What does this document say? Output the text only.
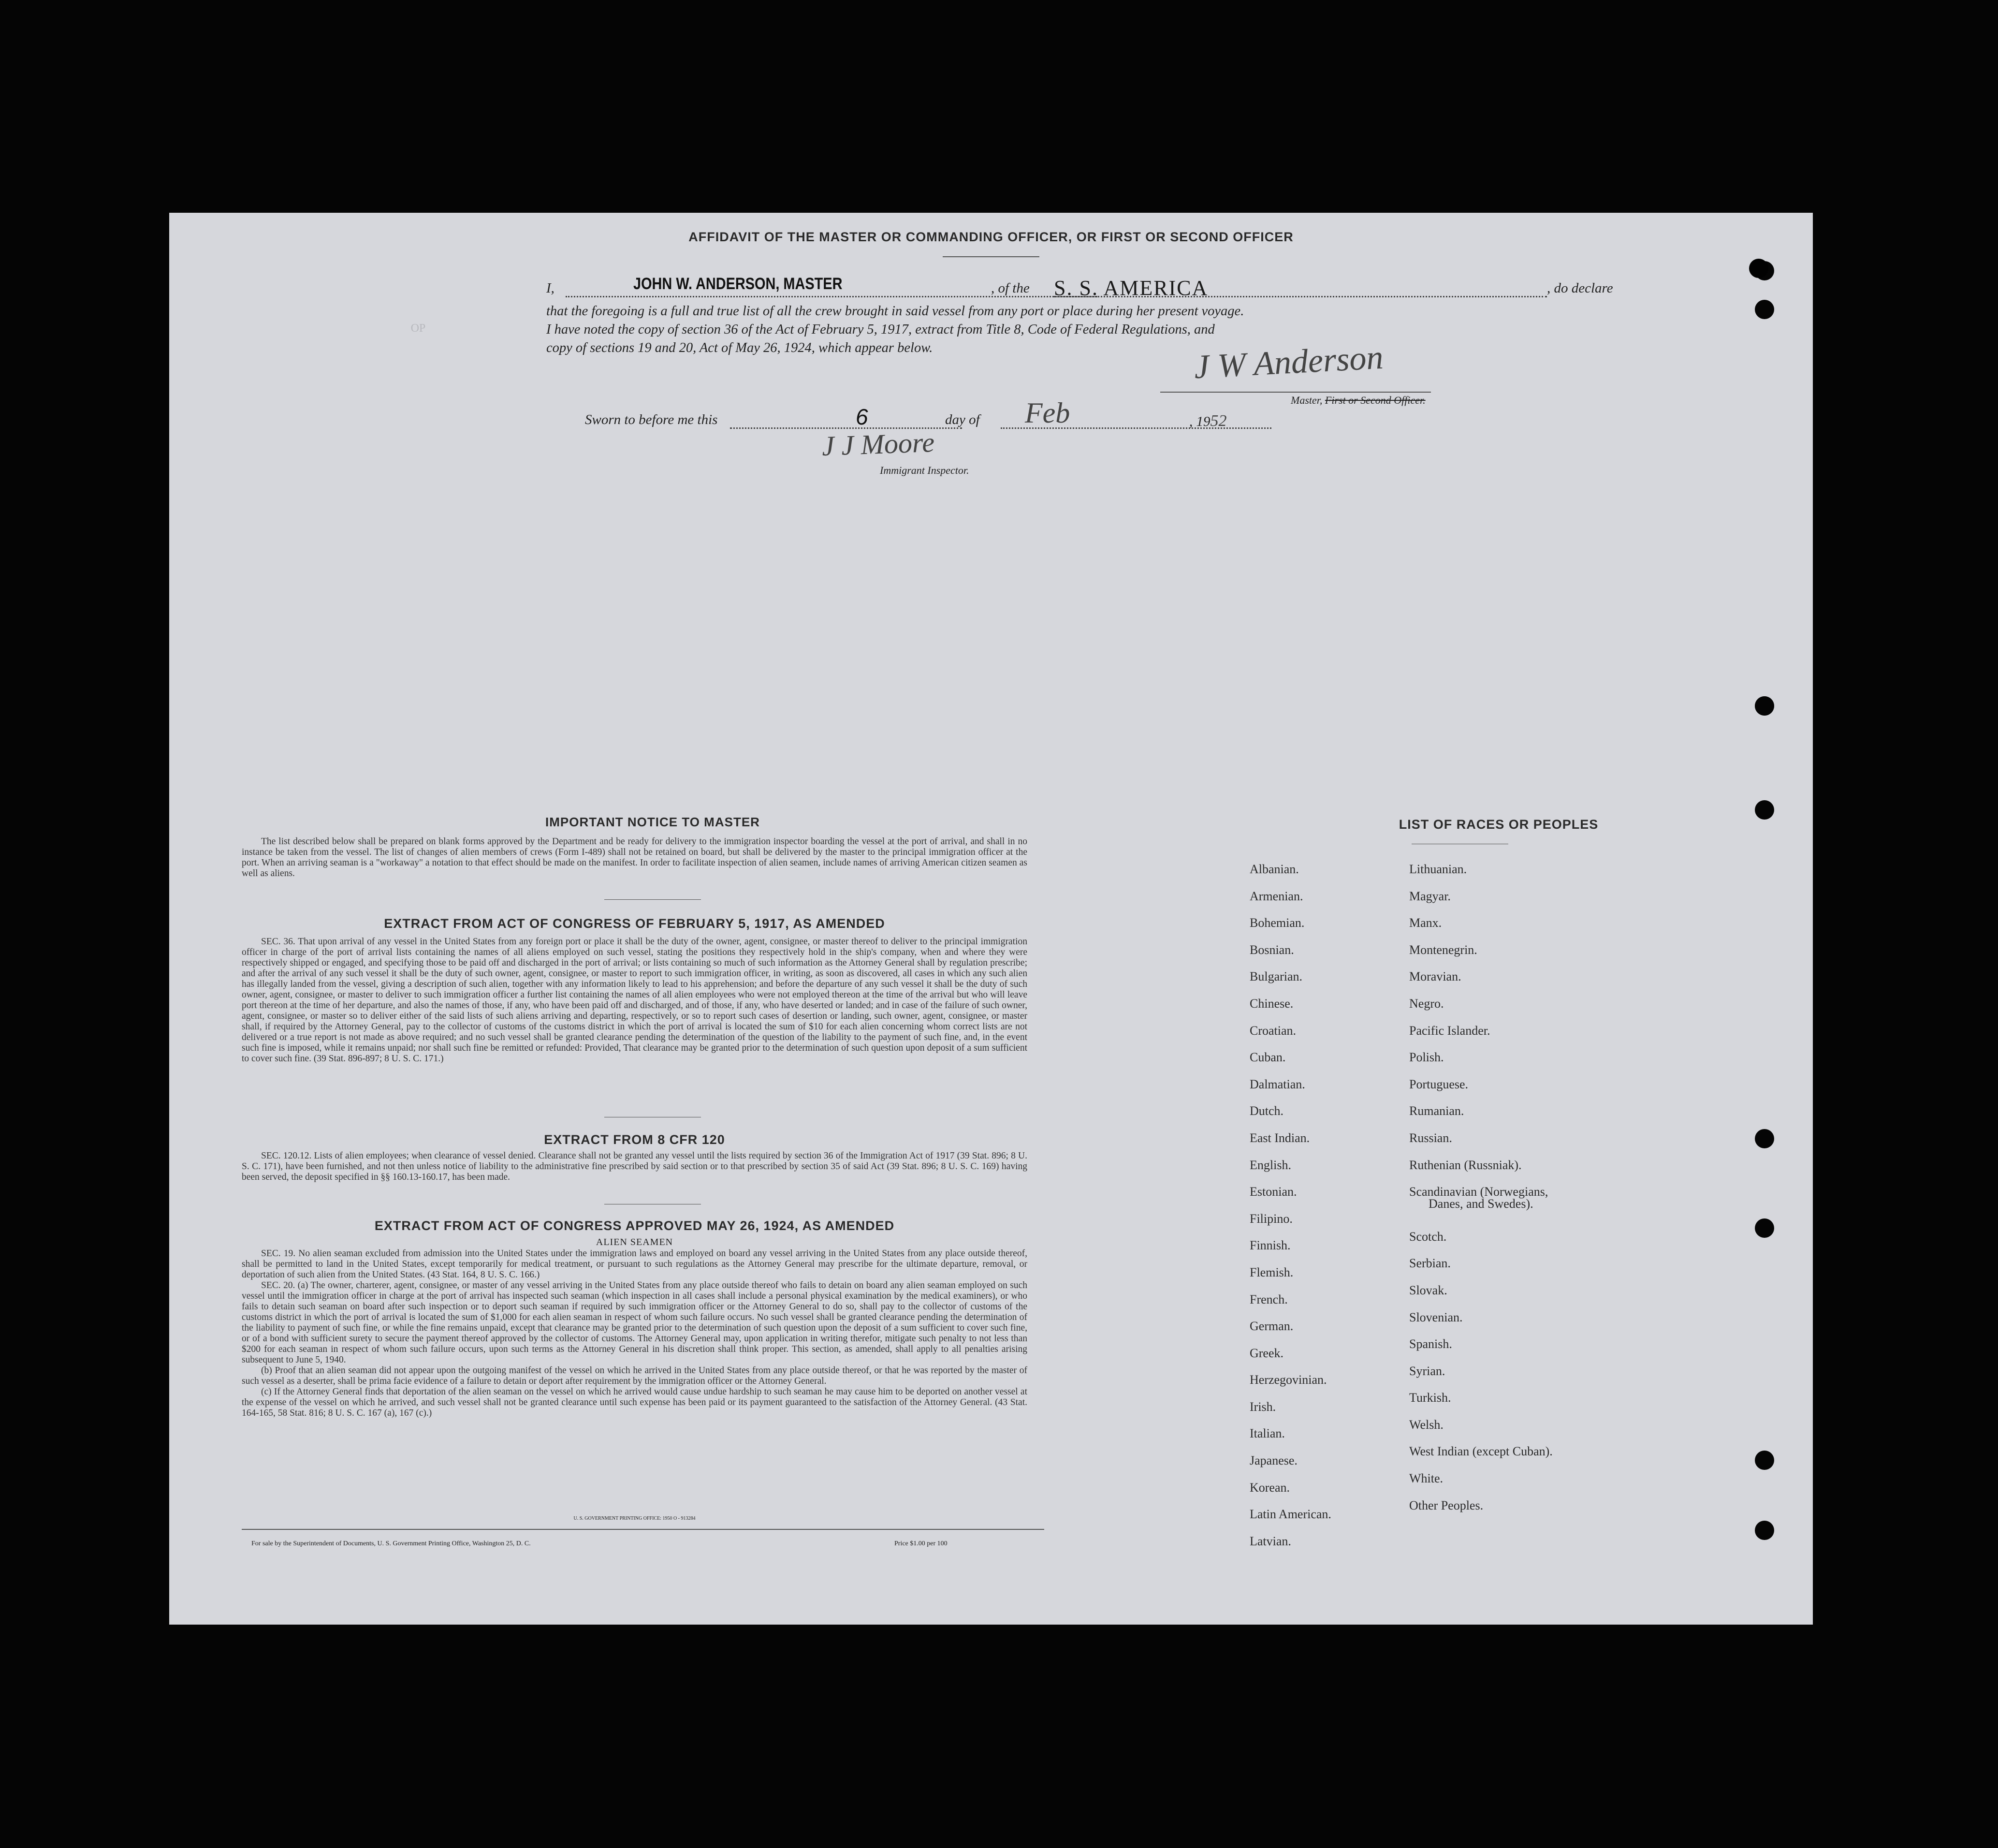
AFFIDAVIT OF THE MASTER OR COMMANDING OFFICER, OR FIRST OR SECOND OFFICER
I,	JOHN W. ANDERSON, MASTER	, of the S. S. AMERICA	, do declare
that the foregoing is a full and true list of all the crew brought in said vessel from any port or place during her present voyage.
I have noted the copy of section 36 of the Act of February 5, 1917, extract from Title 8, Code of Federal Regulations, and
copy of sections 19 and 20, Act of May 26, 1924, which appear below.	J W Anderson
Master, First or Second Officer.
Sworn to before me this	6	day of Feb	, 1952
J J Moore
Immigrant Inspector.
ᴼᴾ
IMPORTANT NOTICE TO MASTER
The list described below shall be prepared on blank forms approved by the Department and be ready for delivery to the immigration inspector boarding the vessel at the port of arrival, and shall in no instance be taken from the vessel. The list of changes of alien members of crews (Form I-489) shall not be retained on board, but shall be delivered by the master to the principal immigration officer at the port. When an arriving seaman is a "workaway" a notation to that effect should be made on the manifest. In order to facilitate inspection of alien seamen, include names of arriving American citizen seamen as well as aliens.
EXTRACT FROM ACT OF CONGRESS OF FEBRUARY 5, 1917, AS AMENDED
SEC. 36. That upon arrival of any vessel in the United States from any foreign port or place it shall be the duty of the owner, agent, consignee, or master thereof to deliver to the principal immigration officer in charge of the port of arrival lists containing the names of all aliens employed on such vessel, stating the positions they respectively hold in the ship's company, when and where they were respectively shipped or engaged, and specifying those to be paid off and discharged in the port of arrival; or lists containing so much of such information as the Attorney General shall by regulation prescribe; and after the arrival of any such vessel it shall be the duty of such owner, agent, consignee, or master to report to such immigration officer, in writing, as soon as discovered, all cases in which any such alien has illegally landed from the vessel, giving a description of such alien, together with any information likely to lead to his apprehension; and before the departure of any such vessel it shall be the duty of such owner, agent, consignee, or master to deliver to such immigration officer a further list containing the names of all alien employees who were not employed thereon at the time of the arrival but who will leave port thereon at the time of her departure, and also the names of those, if any, who have been paid off and discharged, and of those, if any, who have deserted or landed; and in case of the failure of such owner, agent, consignee, or master so to deliver either of the said lists of such aliens arriving and departing, respectively, or so to report such cases of desertion or landing, such owner, agent, consignee, or master shall, if required by the Attorney General, pay to the collector of customs of the customs district in which the port of arrival is located the sum of $10 for each alien concerning whom correct lists are not delivered or a true report is not made as above required; and no such vessel shall be granted clearance pending the determination of the question of the liability to the payment of such fine, and, in the event such fine is imposed, while it remains unpaid; nor shall such fine be remitted or refunded: Provided, That clearance may be granted prior to the determination of such question upon deposit of a sum sufficient to cover such fine. (39 Stat. 896-897; 8 U. S. C. 171.)
EXTRACT FROM 8 CFR 120
SEC. 120.12. Lists of alien employees; when clearance of vessel denied. Clearance shall not be granted any vessel until the lists required by section 36 of the Immigration Act of 1917 (39 Stat. 896; 8 U. S. C. 171), have been furnished, and not then unless notice of liability to the administrative fine prescribed by said section or to that prescribed by section 35 of said Act (39 Stat. 896; 8 U. S. C. 169) having been served, the deposit specified in §§ 160.13-160.17, has been made.
EXTRACT FROM ACT OF CONGRESS APPROVED MAY 26, 1924, AS AMENDED
ALIEN SEAMEN
SEC. 19. No alien seaman excluded from admission into the United States under the immigration laws and employed on board any vessel arriving in the United States from any place outside thereof, shall be permitted to land in the United States, except temporarily for medical treatment, or pursuant to such regulations as the Attorney General may prescribe for the ultimate departure, removal, or deportation of such alien from the United States. (43 Stat. 164, 8 U. S. C. 166.)
SEC. 20. (a) The owner, charterer, agent, consignee, or master of any vessel arriving in the United States from any place outside thereof who fails to detain on board any alien seaman employed on such vessel until the immigration officer in charge at the port of arrival has inspected such seaman (which inspection in all cases shall include a personal physical examination by the medical examiners), or who fails to detain such seaman on board after such inspection or to deport such seaman if required by such immigration officer or the Attorney General to do so, shall pay to the collector of customs of the customs district in which the port of arrival is located the sum of $1,000 for each alien seaman in respect of whom such failure occurs. No such vessel shall be granted clearance pending the determination of the liability to payment of such fine, or while the fine remains unpaid, except that clearance may be granted prior to the determination of such question upon the deposit of a sum sufficient to cover such fine, or of a bond with sufficient surety to secure the payment thereof approved by the collector of customs. The Attorney General may, upon application in writing therefor, mitigate such penalty to not less than $200 for each seaman in respect of whom such failure occurs, upon such terms as the Attorney General in his discretion shall think proper. This section, as amended, shall apply to all penalties arising subsequent to June 5, 1940.
(b) Proof that an alien seaman did not appear upon the outgoing manifest of the vessel on which he arrived in the United States from any place outside thereof, or that he was reported by the master of such vessel as a deserter, shall be prima facie evidence of a failure to detain or deport after requirement by the immigration officer or the Attorney General.
(c) If the Attorney General finds that deportation of the alien seaman on the vessel on which he arrived would cause undue hardship to such seaman he may cause him to be deported on another vessel at the expense of the vessel on which he arrived, and such vessel shall not be granted clearance until such expense has been paid or its payment guaranteed to the satisfaction of the Attorney General. (43 Stat. 164-165, 58 Stat. 816; 8 U. S. C. 167 (a), 167 (c).)
U. S. GOVERNMENT PRINTING OFFICE: 1950 O - 913284
For sale by the Superintendent of Documents, U. S. Government Printing Office, Washington 25, D. C.	Price $1.00 per 100
LIST OF RACES OR PEOPLES
Albanian.
Armenian.
Bohemian.
Bosnian.
Bulgarian.
Chinese.
Croatian.
Cuban.
Dalmatian.
Dutch.
East Indian.
English.
Estonian.
Filipino.
Finnish.
Flemish.
French.
German.
Greek.
Herzegovinian.
Irish.
Italian.
Japanese.
Korean.
Latin American.
Latvian.
Lithuanian.
Magyar.
Manx.
Montenegrin.
Moravian.
Negro.
Pacific Islander.
Polish.
Portuguese.
Rumanian.
Russian.
Ruthenian (Russniak).
Scandinavian (Norwegians,
Danes, and Swedes).
Scotch.
Serbian.
Slovak.
Slovenian.
Spanish.
Syrian.
Turkish.
Welsh.
West Indian (except Cuban).
White.
Other Peoples.
